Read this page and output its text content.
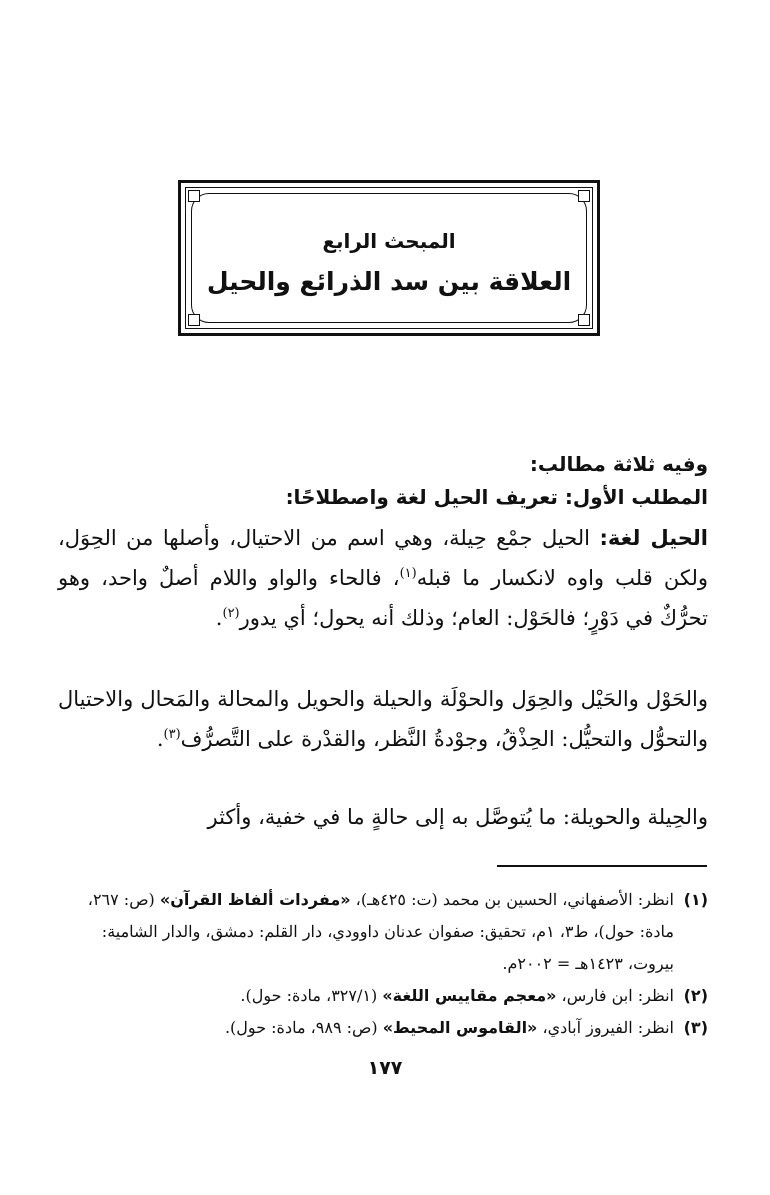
المبحث الرابع
العلاقة بين سد الذرائع والحيل
وفيه ثلاثة مطالب:
المطلب الأول: تعريف الحيل لغة واصطلاحًا:
الحيل لغة: الحيل جمْع حِيلة، وهي اسم من الاحتيال، وأصلها من الحِوَل، ولكن قلب واوه لانكسار ما قبله$^{(١)}$، فالحاء والواو واللام أصلٌ واحد، وهو تحرُّكٌ في دَوْرٍ؛ فالحَوْل: العام؛ وذلك أنه يحول؛ أي يدور$^{(٢)}$.
والحَوْل والحَيْل والحِوَل والحوْلَة والحيلة والحويل والمحالة والمَحال والاحتيال والتحوُّل والتحيُّل: الحِذْقُ، وجوْدةُ النَّظر، والقدْرة على التَّصرُّف$^{(٣)}$.
والحِيلة والحويلة: ما يُتوصَّل به إلى حالةٍ ما في خفية، وأكثر
(١)
انظر: الأصفهاني، الحسين بن محمد (ت: ٤٢٥هـ)، «مفردات ألفاظ القرآن» (ص: ٢٦٧، مادة: حول)، ط٣، ١م، تحقيق: صفوان عدنان داوودي، دار القلم: دمشق، والدار الشامية: بيروت، ١٤٢٣هـ = ٢٠٠٢م.
(٢)
انظر: ابن فارس، «معجم مقاييس اللغة» (٣٢٧/١، مادة: حول).
(٣)
انظر: الفيروز آبادي، «القاموس المحيط» (ص: ٩٨٩، مادة: حول).
١٧٧
